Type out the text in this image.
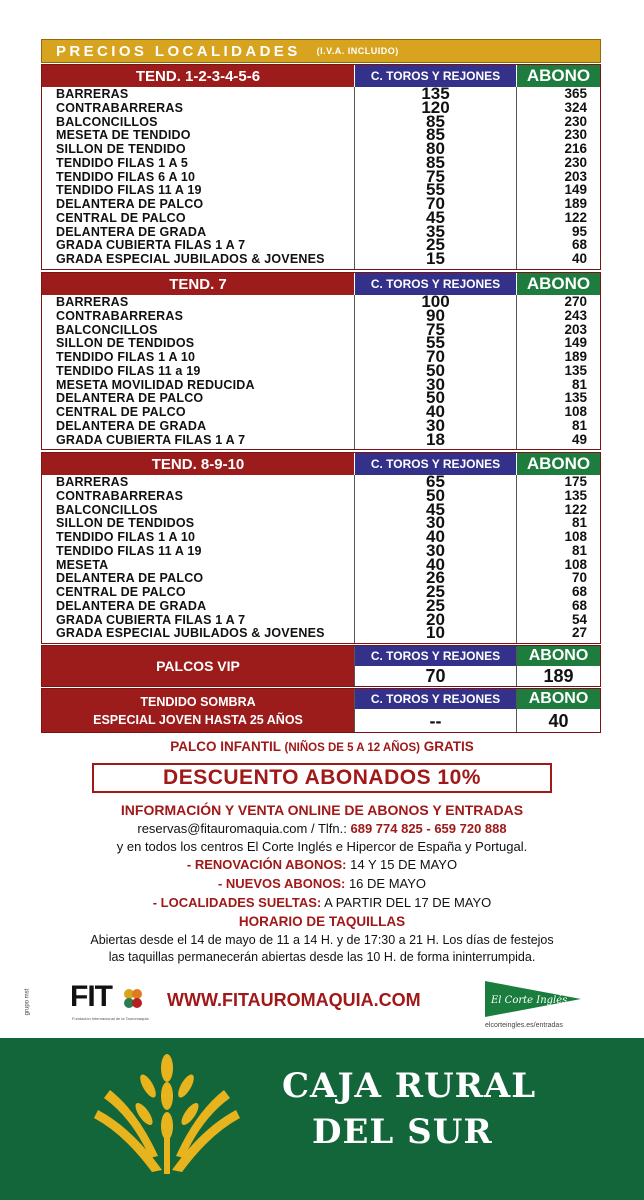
PRECIOS LOCALIDADES (I.V.A. INCLUIDO)
TEND. 1-2-3-4-5-6	C. TOROS Y REJONES	ABONO
BARRERAS	135	365
CONTRABARRERAS	120	324
BALCONCILLOS	85	230
MESETA DE TENDIDO	85	230
SILLON DE TENDIDO	80	216
TENDIDO FILAS 1 A 5	85	230
TENDIDO FILAS 6 A 10	75	203
TENDIDO FILAS 11 A 19	55	149
DELANTERA DE PALCO	70	189
CENTRAL DE PALCO	45	122
DELANTERA DE GRADA	35	95
GRADA CUBIERTA FILAS 1 A 7	25	68
GRADA ESPECIAL JUBILADOS & JOVENES	15	40
TEND. 7	C. TOROS Y REJONES	ABONO
BARRERAS	100	270
CONTRABARRERAS	90	243
BALCONCILLOS	75	203
SILLON DE TENDIDOS	55	149
TENDIDO FILAS 1 A 10	70	189
TENDIDO FILAS 11 a 19	50	135
MESETA MOVILIDAD REDUCIDA	30	81
DELANTERA DE PALCO	50	135
CENTRAL DE PALCO	40	108
DELANTERA DE GRADA	30	81
GRADA CUBIERTA FILAS 1 A 7	18	49
TEND. 8-9-10	C. TOROS Y REJONES	ABONO
BARRERAS	65	175
CONTRABARRERAS	50	135
BALCONCILLOS	45	122
SILLON DE TENDIDOS	30	81
TENDIDO FILAS 1 A 10	40	108
TENDIDO FILAS 11 A 19	30	81
MESETA	40	108
DELANTERA DE PALCO	26	70
CENTRAL DE PALCO	25	68
DELANTERA DE GRADA	25	68
GRADA CUBIERTA FILAS 1 A 7	20	54
GRADA ESPECIAL JUBILADOS & JOVENES	10	27
PALCOS VIP
C. TOROS Y REJONES	ABONO
70	189
TENDIDO SOMBRA
ESPECIAL JOVEN HASTA 25 AÑOS
C. TOROS Y REJONES	ABONO
--	40
PALCO INFANTIL (NIÑOS DE 5 A 12 AÑOS) GRATIS
DESCUENTO ABONADOS 10%
INFORMACIÓN Y VENTA ONLINE DE ABONOS Y ENTRADAS
reservas@fitauromaquia.com / Tlfn.: 689 774 825 - 659 720 888
y en todos los centros El Corte Inglés e Hipercor de España y Portugal.
- RENOVACIÓN ABONOS: 14 Y 15 DE MAYO
- NUEVOS ABONOS: 16 DE MAYO
- LOCALIDADES SUELTAS: A PARTIR DEL 17 DE MAYO
HORARIO DE TAQUILLAS
Abiertas desde el 14 de mayo de 11 a 14 H. y de 17:30 a 21 H. Los días de festejos
las taquillas permanecerán abiertas desde las 10 H. de forma ininterrumpida.
grupo mst FIT
Fundación Internacional de la Tauromaquia
WWW.FITAUROMAQUIA.COM	El Corte Inglés
elcorteingles.es/entradas
CAJA RURAL
DEL SUR
